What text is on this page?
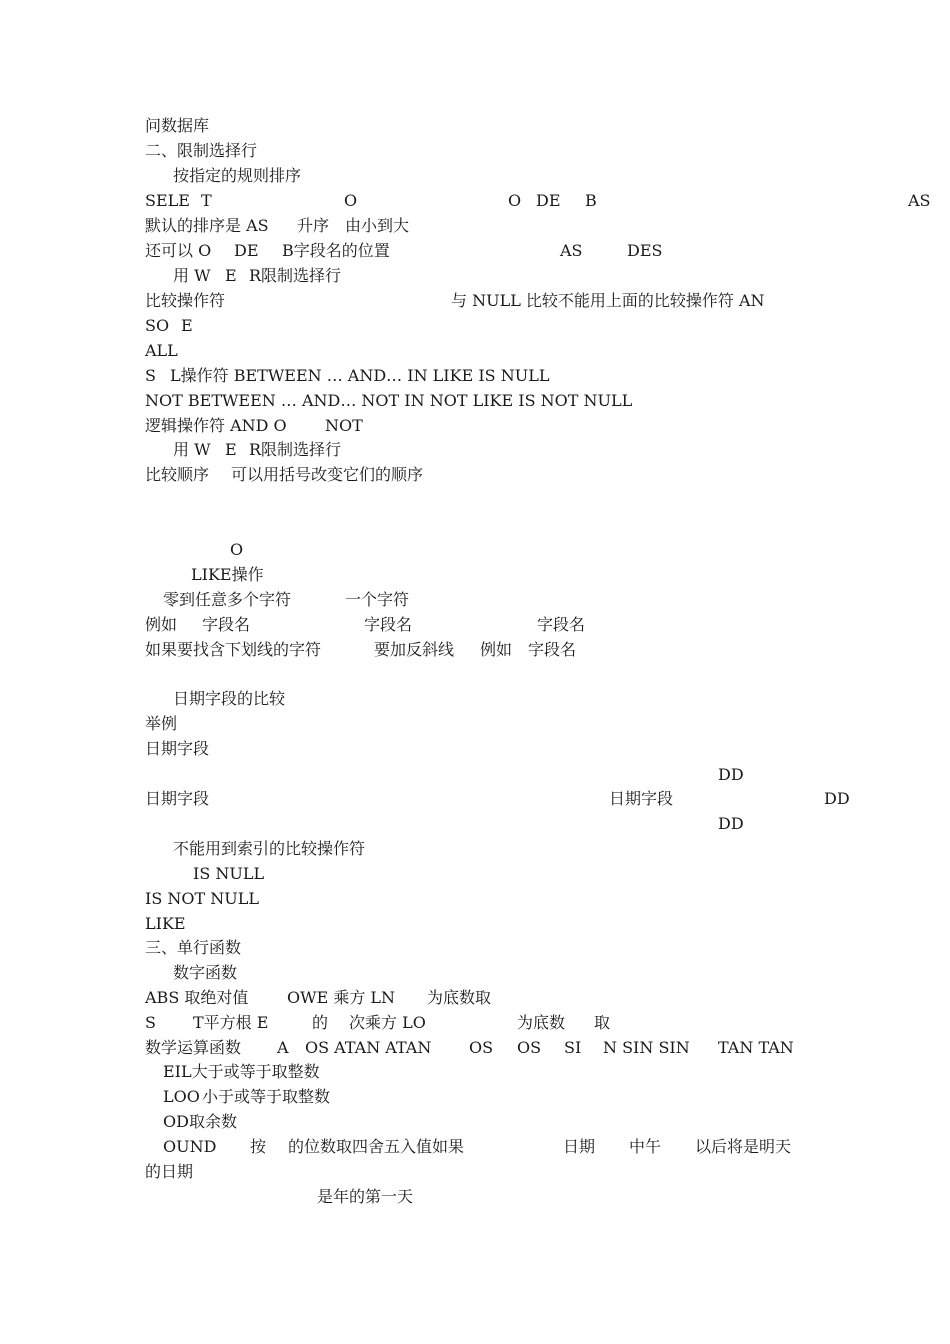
问数据库
二、限制选择行
按指定的规则排序
SELE T	O	O DE B	AS
默认的排序是 AS 升序 由小到大
还可以 O DE B字段名的位置	AS	DES
用 W E R限制选择行
比较操作符	与 NULL 比较不能用上面的比较操作符 AN
SO E
ALL
S L操作符 BETWEEN … AND… IN LIKE IS NULL
NOT BETWEEN … AND… NOT IN NOT LIKE IS NOT NULL
逻辑操作符 AND O NOT
用 W E R限制选择行
比较顺序 可以用括号改变它们的顺序
O
LIKE操作
零到任意多个字符	一个字符
例如 字段名	字段名	字段名
如果要找含下划线的字符	要加反斜线 例如 字段名
日期字段的比较
举例
日期字段
DD
日期字段	日期字段	DD
DD
不能用到索引的比较操作符
IS NULL
IS NOT NULL
LIKE
三、单行函数
数字函数
ABS 取绝对值 OWE 乘方 LN 为底数取
S T平方根 E	的 次乘方 LO	为底数 取
数学运算函数 A OS ATAN ATAN OS OS SI N SIN SIN TAN TAN
EIL大于或等于取整数
LOO 小于或等于取整数
OD取余数
OUND 按 的位数取四舍五入值如果	日期 中午 以后将是明天
的日期
是年的第一天
